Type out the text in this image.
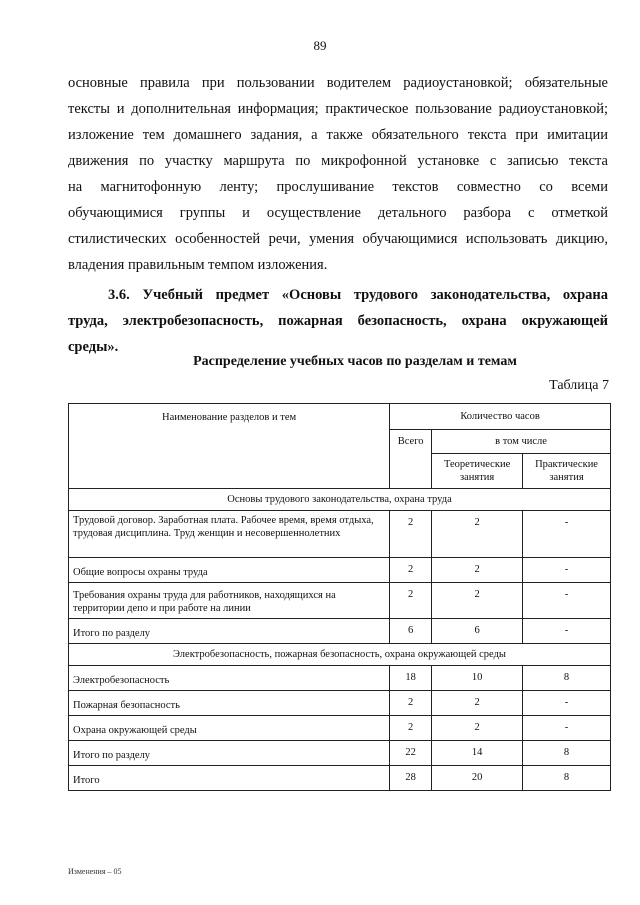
89
основные правила при пользовании водителем радиоустановкой; обязательные
тексты и дополнительная информация; практическое пользование радиоустановкой;
изложение тем домашнего задания, а также обязательного текста при имитации
движения по участку маршрута по микрофонной установке с записью текста
на магнитофонную ленту; прослушивание текстов совместно со всеми
обучающимися группы и осуществление детального разбора с отметкой
стилистических особенностей речи, умения обучающимися использовать дикцию,
владения правильным темпом изложения.
3.6. Учебный предмет «Основы трудового законодательства, охрана
труда, электробезопасность, пожарная безопасность, охрана окружающей
среды».
Распределение учебных часов по разделам и темам
Таблица 7
Наименование разделов и тем	Количество часов		
	Всего	в том числе	
		Теоретические занятия	Практические занятия
Основы трудового законодательства, охрана труда			
Трудовой договор. Заработная плата. Рабочее время, время отдыха, трудовая дисциплина. Труд женщин и несовершеннолетних	2	2	-
Общие вопросы охраны труда	2	2	-
Требования охраны труда для работников, находящихся на территории депо и при работе на линии	2	2	-
Итого по разделу	6	6	-
Электробезопасность, пожарная безопасность, охрана окружающей среды			
Электробезопасность	18	10	8
Пожарная безопасность	2	2	-
Охрана окружающей среды	2	2	-
Итого по разделу	22	14	8
Итого	28	20	8
Изменения – 05
